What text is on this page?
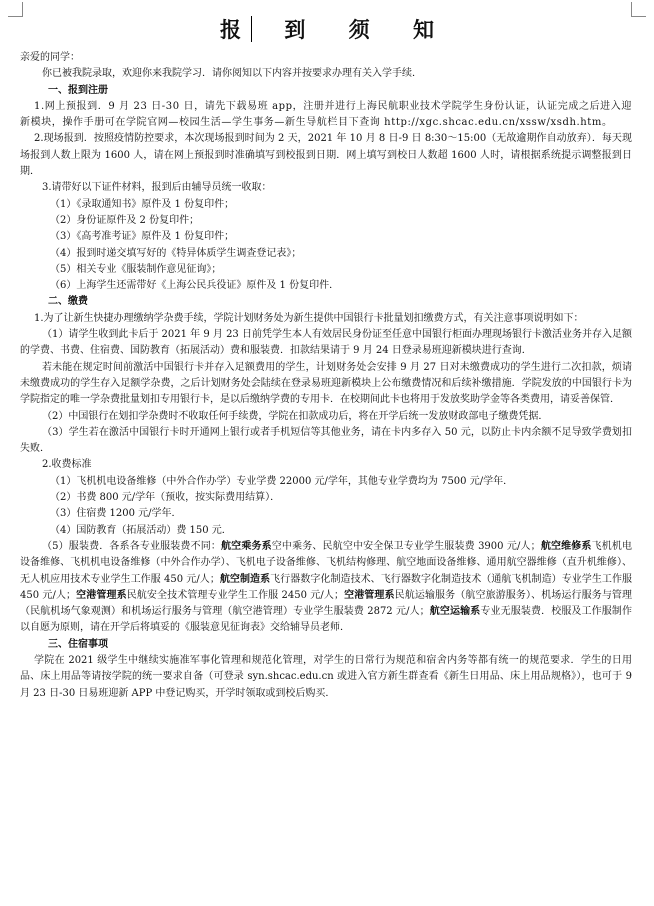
报 到 须 知

亲爱的同学：

你已被我院录取，欢迎你来我院学习．请你阅知以下内容并按要求办理有关入学手续．

一、报到注册

1.网上预报到．9 月 23 日-30 日，请先下载易班 app，注册并进行上海民航职业技术学院学生身份认证，认证完成之后进入迎新模块，操作手册可在学院官网—校园生活—学生事务—新生导航栏目下查询 http://xgc.shcac.edu.cn/xssw/xsdh.htm。

2.现场报到．按照疫情防控要求，本次现场报到时间为 2 天，2021 年 10 月 8 日-9 日 8:30～15:00（无故逾期作自动放弃）．每天现场报到人数上限为 1600 人，请在网上预报到时准确填写到校报到日期．网上填写到校日人数超 1600 人时，请根据系统提示调整报到日期．

3.请带好以下证件材料，报到后由辅导员统一收取：

（1）《录取通知书》原件及 1 份复印件；

（2）身份证原件及 2 份复印件；

（3）《高考准考证》原件及 1 份复印件；

（4）报到时递交填写好的《特异体质学生调查登记表》；

（5）相关专业《服装制作意见征询》；

（6）上海学生还需带好《上海公民兵役证》原件及 1 份复印件．

二、缴费

1.为了让新生快捷办理缴纳学杂费手续，学院计划财务处为新生提供中国银行卡批量划扣缴费方式，有关注意事项说明如下：

（1）请学生收到此卡后于 2021 年 9 月 23 日前凭学生本人有效居民身份证至任意中国银行柜面办理现场银行卡激活业务并存入足额的学费、书费、住宿费、国防教育（拓展活动）费和服装费．扣款结果请于 9 月 24 日登录易班迎新模块进行查询．

若未能在规定时间前激活中国银行卡并存入足额费用的学生，计划财务处会安排 9 月 27 日对未缴费成功的学生进行二次扣款，烦请未缴费成功的学生存入足额学杂费，之后计划财务处会陆续在登录易班迎新模块上公布缴费情况和后续补缴措施．学院发放的中国银行卡为学院指定的唯一学杂费批量划扣专用银行卡，是以后缴纳学费的专用卡．在校期间此卡也将用于发放奖助学金等各类费用，请妥善保管．

（2）中国银行在划扣学杂费时不收取任何手续费，学院在扣款成功后，将在开学后统一发放财政部电子缴费凭据．

（3）学生若在激活中国银行卡时开通网上银行或者手机短信等其他业务，请在卡内多存入 50 元，以防止卡内余额不足导致学费划扣失败．

2.收费标准

（1）飞机机电设备维修（中外合作办学）专业学费 22000 元/学年，其他专业学费均为 7500 元/学年．

（2）书费 800 元/学年（预收，按实际费用结算）．

（3）住宿费 1200 元/学年．

（4）国防教育（拓展活动）费 150 元．

（5）服装费．各系各专业服装费不同：航空乘务系空中乘务、民航空中安全保卫专业学生服装费 3900 元/人；航空维修系飞机机电设备维修、飞机机电设备维修（中外合作办学）、飞机电子设备维修、飞机结构修理、航空地面设备维修、通用航空器维修（直升机维修）、无人机应用技术专业学生工作服 450 元/人；航空制造系飞行器数字化制造技术、飞行器数字化制造技术（通航飞机制造）专业学生工作服 450 元/人；空港管理系民航安全技术管理专业学生工作服 2450 元/人；空港管理系民航运输服务（航空旅游服务）、机场运行服务与管理（民航机场气象观测）和机场运行服务与管理（航空港管理）专业学生服装费 2872 元/人；航空运输系专业无服装费．校服及工作服制作以自愿为原则，请在开学后将填妥的《服装意见征询表》交给辅导员老师．

三、住宿事项

学院在 2021 级学生中继续实施准军事化管理和规范化管理，对学生的日常行为规范和宿舍内务等都有统一的规范要求．学生的日用品、床上用品等请按学院的统一要求自备（可登录 syn.shcac.edu.cn 或进入官方新生群查看《新生日用品、床上用品规格》），也可于 9 月 23 日-30 日易班迎新 APP 中登记购买，开学时领取或到校后购买．
